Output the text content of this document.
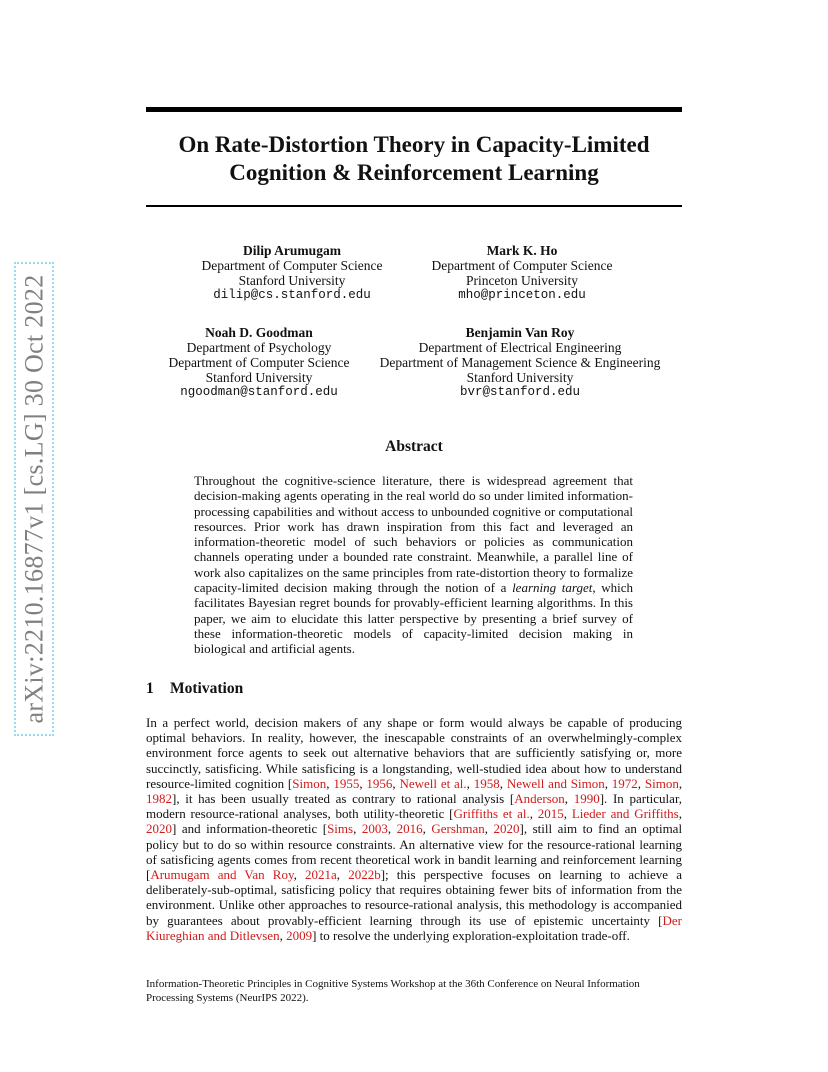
arXiv:2210.16877v1 [cs.LG] 30 Oct 2022
On Rate-Distortion Theory in Capacity-Limited
Cognition & Reinforcement Learning
Dilip Arumugam
Department of Computer Science
Stanford University
dilip@cs.stanford.edu
Mark K. Ho
Department of Computer Science
Princeton University
mho@princeton.edu
Noah D. Goodman
Department of Psychology
Department of Computer Science
Stanford University
ngoodman@stanford.edu
Benjamin Van Roy
Department of Electrical Engineering
Department of Management Science & Engineering
Stanford University
bvr@stanford.edu
Abstract

Throughout the cognitive-science literature, there is widespread agreement that decision-making agents operating in the real world do so under limited information-processing capabilities and without access to unbounded cognitive or computational resources. Prior work has drawn inspiration from this fact and leveraged an information-theoretic model of such behaviors or policies as communication channels operating under a bounded rate constraint. Meanwhile, a parallel line of work also capitalizes on the same principles from rate-distortion theory to formalize capacity-limited decision making through the notion of a learning target, which facilitates Bayesian regret bounds for provably-efficient learning algorithms. In this paper, we aim to elucidate this latter perspective by presenting a brief survey of these information-theoretic models of capacity-limited decision making in biological and artificial agents.

1 Motivation

In a perfect world, decision makers of any shape or form would always be capable of producing optimal behaviors. In reality, however, the inescapable constraints of an overwhelmingly-complex environment force agents to seek out alternative behaviors that are sufficiently satisfying or, more succinctly, satisficing. While satisficing is a longstanding, well-studied idea about how to understand resource-limited cognition [Simon, 1955, 1956, Newell et al., 1958, Newell and Simon, 1972, Simon, 1982], it has been usually treated as contrary to rational analysis [Anderson, 1990]. In particular, modern resource-rational analyses, both utility-theoretic [Griffiths et al., 2015, Lieder and Griffiths, 2020] and information-theoretic [Sims, 2003, 2016, Gershman, 2020], still aim to find an optimal policy but to do so within resource constraints. An alternative view for the resource-rational learning of satisficing agents comes from recent theoretical work in bandit learning and reinforcement learning [Arumugam and Van Roy, 2021a, 2022b]; this perspective focuses on learning to achieve a deliberately-sub-optimal, satisficing policy that requires obtaining fewer bits of information from the environment. Unlike other approaches to resource-rational analysis, this methodology is accompanied by guarantees about provably-efficient learning through its use of epistemic uncertainty [Der Kiureghian and Ditlevsen, 2009] to resolve the underlying exploration-exploitation trade-off.

Information-Theoretic Principles in Cognitive Systems Workshop at the 36th Conference on Neural Information
Processing Systems (NeurIPS 2022).
